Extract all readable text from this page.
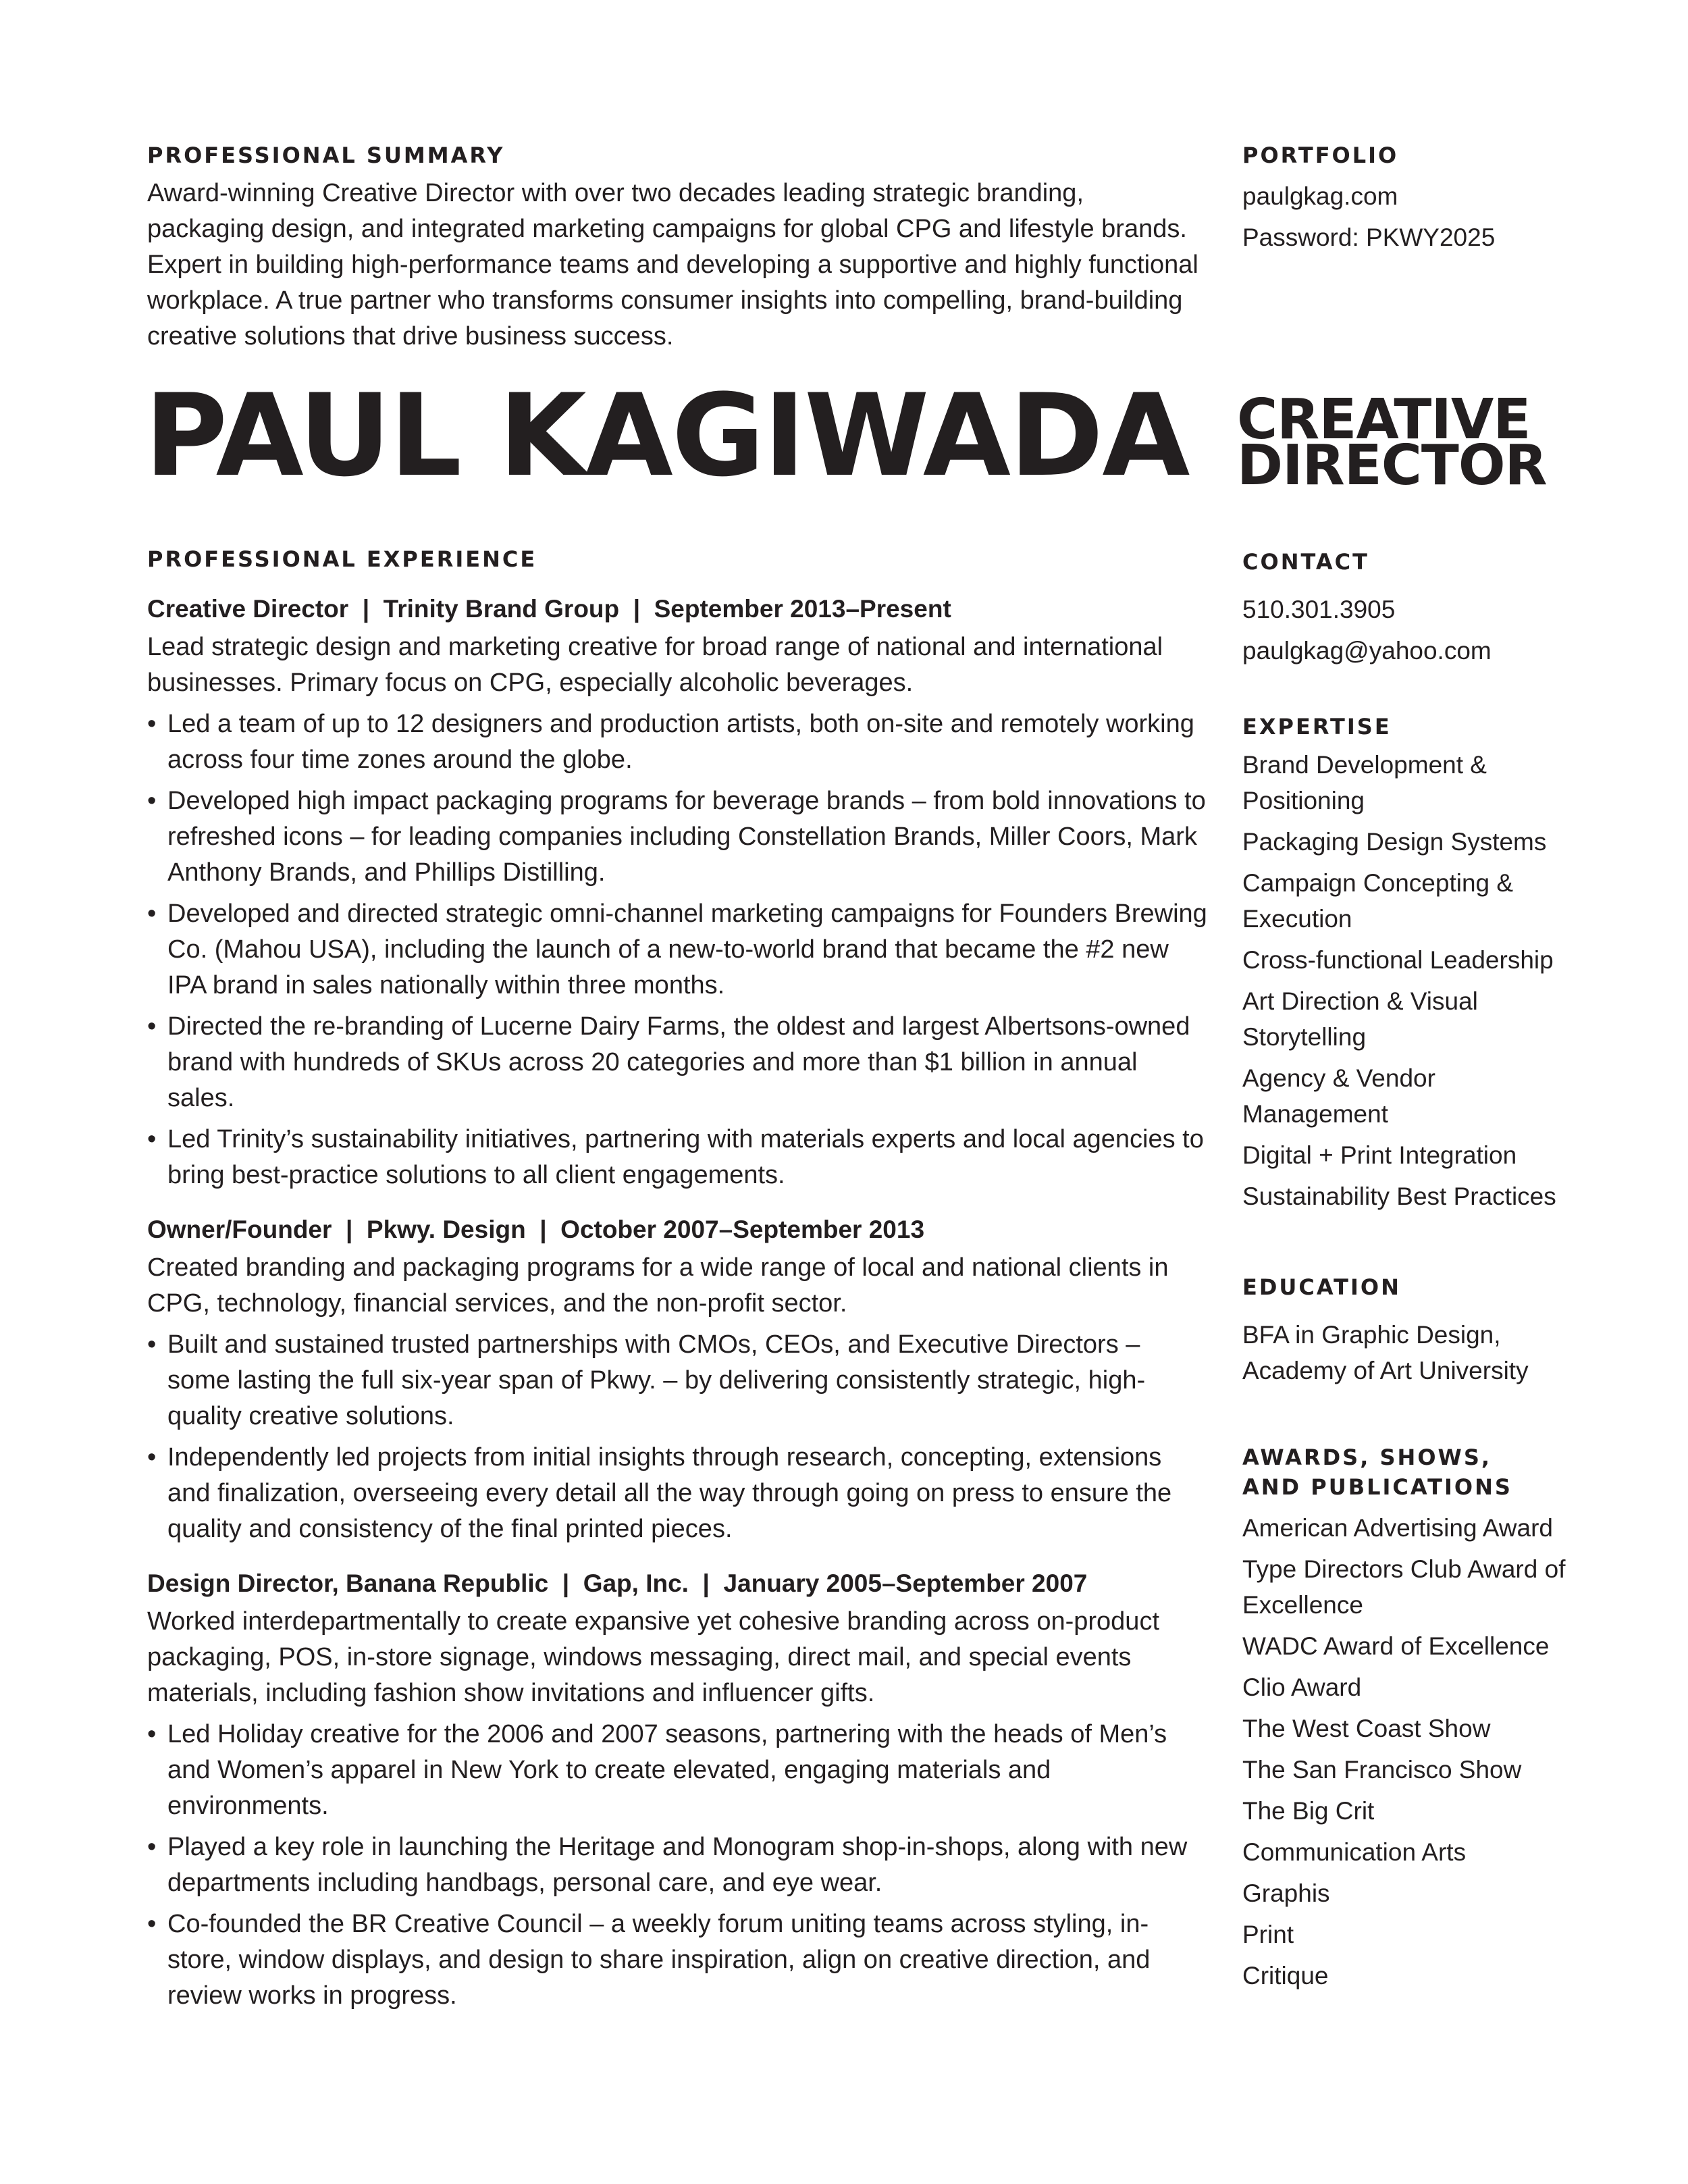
PROFESSIONAL SUMMARY
Award-winning Creative Director with over two decades leading strategic branding, packaging design, and integrated marketing campaigns for global CPG and lifestyle brands. Expert in building high-performance teams and developing a supportive and highly functional workplace. A true partner who transforms consumer insights into compelling, brand-building creative solutions that drive business success.
PORTFOLIO
paulgkag.com
Password: PKWY2025
PAUL KAGIWADA CREATIVE
DIRECTOR
PROFESSIONAL EXPERIENCE
Creative Director | Trinity Brand Group | September 2013–Present
Lead strategic design and marketing creative for broad range of national and international businesses. Primary focus on CPG, especially alcoholic beverages.
• Led a team of up to 12 designers and production artists, both on-site and remotely working across four time zones around the globe.
• Developed high impact packaging programs for beverage brands – from bold innovations to refreshed icons – for leading companies including Constellation Brands, Miller Coors, Mark Anthony Brands, and Phillips Distilling.
• Developed and directed strategic omni-channel marketing campaigns for Founders Brewing Co. (Mahou USA), including the launch of a new-to-world brand that became the #2 new IPA brand in sales nationally within three months.
• Directed the re-branding of Lucerne Dairy Farms, the oldest and largest Albertsons-owned brand with hundreds of SKUs across 20 categories and more than $1 billion in annual sales.
• Led Trinity’s sustainability initiatives, partnering with materials experts and local agencies to bring best-practice solutions to all client engagements.
Owner/Founder | Pkwy. Design | October 2007–September 2013
Created branding and packaging programs for a wide range of local and national clients in CPG, technology, financial services, and the non-profit sector.
• Built and sustained trusted partnerships with CMOs, CEOs, and Executive Directors – some lasting the full six-year span of Pkwy. – by delivering consistently strategic, high-quality creative solutions.
• Independently led projects from initial insights through research, concepting, extensions and finalization, overseeing every detail all the way through going on press to ensure the quality and consistency of the final printed pieces.
Design Director, Banana Republic | Gap, Inc. | January 2005–September 2007
Worked interdepartmentally to create expansive yet cohesive branding across on-product packaging, POS, in-store signage, windows messaging, direct mail, and special events materials, including fashion show invitations and influencer gifts.
• Led Holiday creative for the 2006 and 2007 seasons, partnering with the heads of Men’s and Women’s apparel in New York to create elevated, engaging materials and environments.
• Played a key role in launching the Heritage and Monogram shop-in-shops, along with new departments including handbags, personal care, and eye wear.
• Co-founded the BR Creative Council – a weekly forum uniting teams across styling, in-store, window displays, and design to share inspiration, align on creative direction, and review works in progress.
CONTACT
510.301.3905
paulgkag@yahoo.com
EXPERTISE
Brand Development & Positioning
Packaging Design Systems
Campaign Concepting & Execution
Cross-functional Leadership
Art Direction & Visual Storytelling
Agency & Vendor Management
Digital + Print Integration
Sustainability Best Practices
EDUCATION
BFA in Graphic Design,
Academy of Art University
AWARDS, SHOWS,
AND PUBLICATIONS
American Advertising Award
Type Directors Club Award of Excellence
WADC Award of Excellence
Clio Award
The West Coast Show
The San Francisco Show
The Big Crit
Communication Arts
Graphis
Print
Critique
